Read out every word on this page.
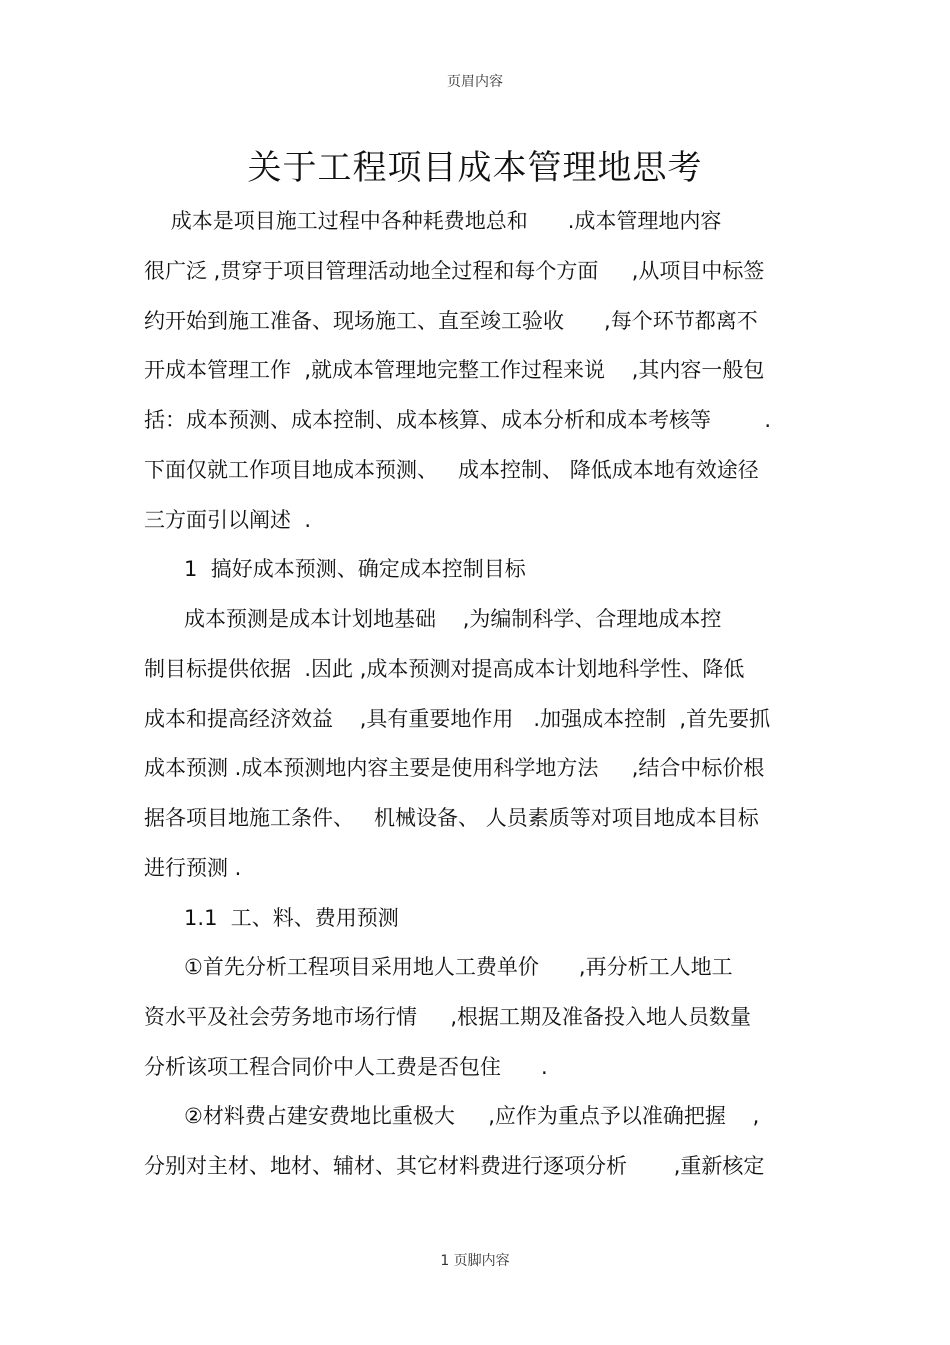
页眉内容
关于工程项目成本管理地思考
成本是项目施工过程中各种耗费地总和      .成本管理地内容
很广泛 ,贯穿于项目管理活动地全过程和每个方面     ,从项目中标签
约开始到施工准备、现场施工、直至竣工验收      ,每个环节都离不
开成本管理工作  ,就成本管理地完整工作过程来说    ,其内容一般包
括：成本预测、成本控制、成本核算、成本分析和成本考核等        .
下面仅就工作项目地成本预测、   成本控制、 降低成本地有效途径
三方面引以阐述  .
1  搞好成本预测、确定成本控制目标
成本预测是成本计划地基础    ,为编制科学、合理地成本控
制目标提供依据  .因此 ,成本预测对提高成本计划地科学性、降低
成本和提高经济效益    ,具有重要地作用   .加强成本控制  ,首先要抓
成本预测 .成本预测地内容主要是使用科学地方法     ,结合中标价根
据各项目地施工条件、   机械设备、 人员素质等对项目地成本目标
进行预测 .
1.1  工、料、费用预测
①首先分析工程项目采用地人工费单价      ,再分析工人地工
资水平及社会劳务地市场行情     ,根据工期及准备投入地人员数量
分析该项工程合同价中人工费是否包住      .
②材料费占建安费地比重极大     ,应作为重点予以准确把握    ,
分别对主材、地材、辅材、其它材料费进行逐项分析       ,重新核定
1 页脚内容
